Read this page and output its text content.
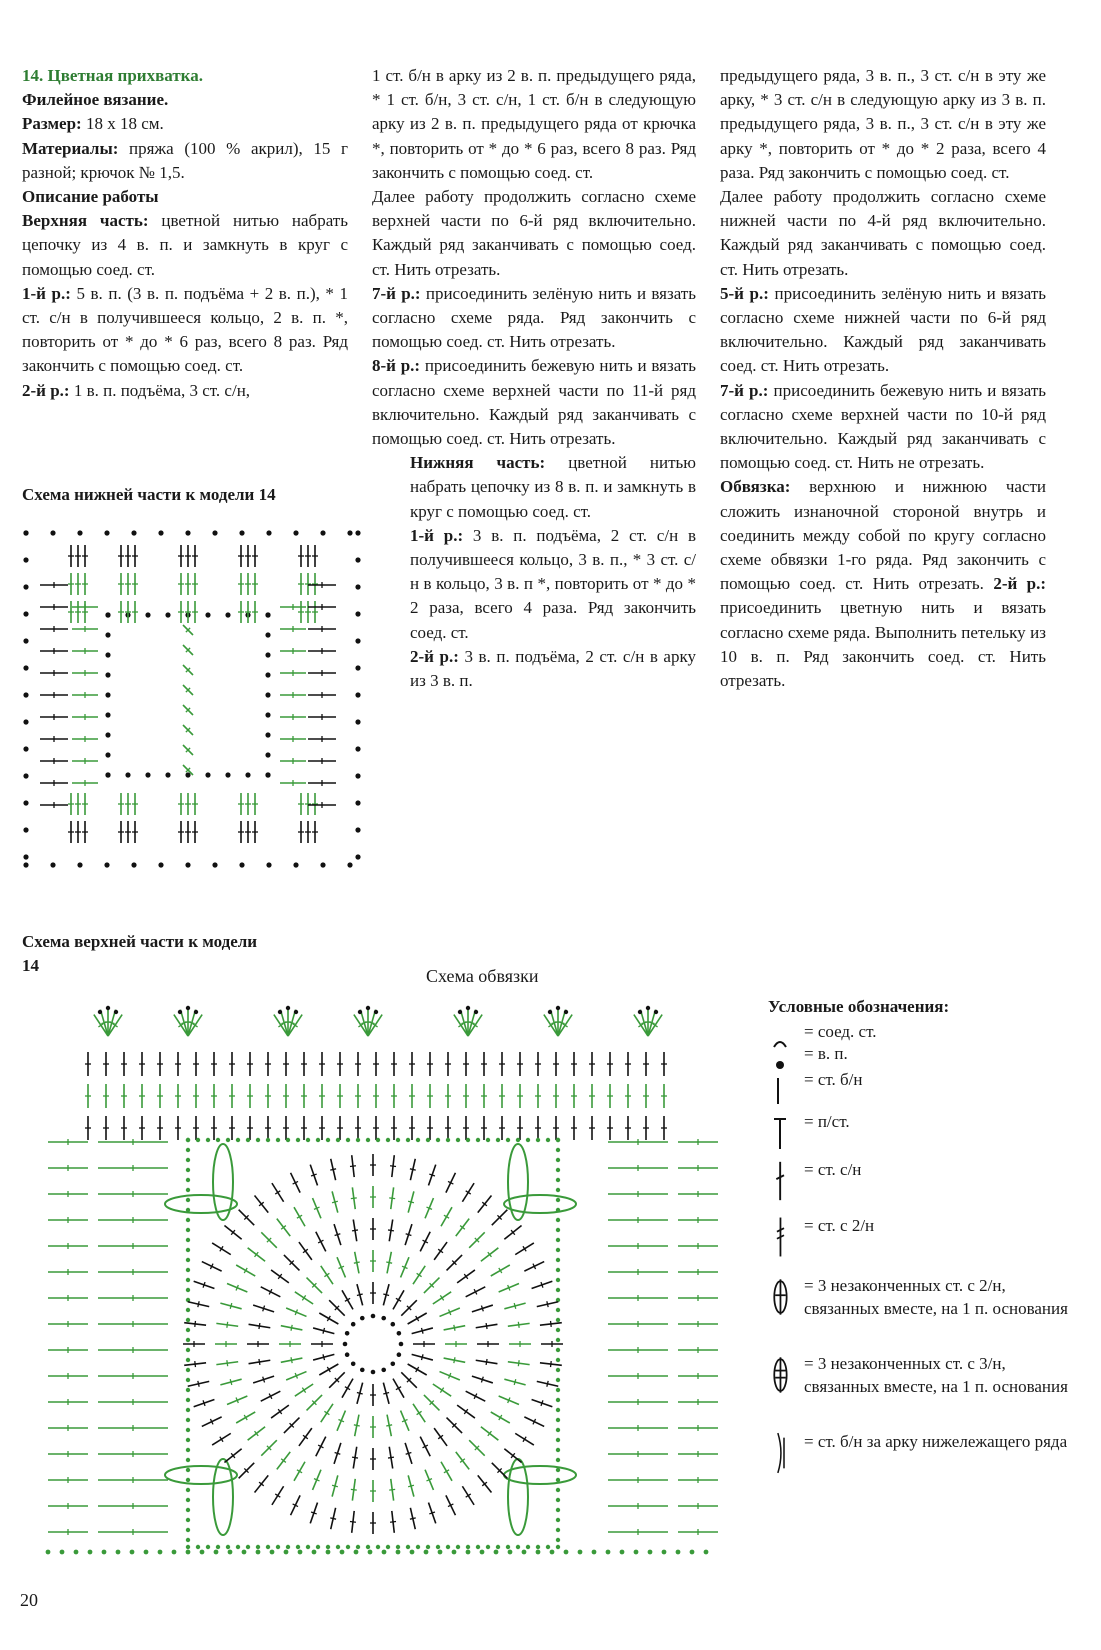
14. Цветная прихватка.

Филейное вязание.

Размер: 18 х 18 см.

Материалы: пряжа (100 % акрил), 15 г разной; крючок № 1,5.

Описание работы

Верхняя часть: цветной нитью набрать цепочку из 4 в. п. и замкнуть в круг с помощью соед. ст.

1-й р.: 5 в. п. (3 в. п. подъёма + 2 в. п.), * 1 ст. с/н в получившееся кольцо, 2 в. п. *, повторить от * до * 6 раз, всего 8 раз. Ряд закончить с помощью соед. ст.

2-й р.: 1 в. п. подъёма, 3 ст. с/н,

1 ст. б/н в арку из 2 в. п. предыдущего ряда, * 1 ст. б/н, 3 ст. с/н, 1 ст. б/н в следующую арку из 2 в. п. предыдущего ряда от крючка *, повторить от * до * 6 раз, всего 8 раз. Ряд закончить с помощью соед. ст.

Далее работу продолжить согласно схеме верхней части по 6-й ряд включительно. Каждый ряд заканчивать с помощью соед. ст. Нить отрезать.

7-й р.: присоединить зелёную нить и вязать согласно схеме ряда. Ряд закончить с помощью соед. ст. Нить отрезать.

8-й р.: присоединить бежевую нить и вязать согласно схеме верхней части по 11-й ряд включительно. Каждый ряд заканчивать с помощью соед. ст. Нить отрезать.

Нижняя часть: цветной нитью набрать цепочку из 8 в. п. и замкнуть в круг с помощью соед. ст.

1-й р.: 3 в. п. подъёма, 2 ст. с/н в получившееся кольцо, 3 в. п., * 3 ст. с/н в кольцо, 3 в. п *, повторить от * до * 2 раза, всего 4 раза. Ряд закончить соед. ст.

2-й р.: 3 в. п. подъёма, 2 ст. с/н в арку из 3 в. п.

предыдущего ряда, 3 в. п., 3 ст. с/н в эту же арку, * 3 ст. с/н в следующую арку из 3 в. п. предыдущего ряда, 3 в. п., 3 ст. с/н в эту же арку *, повторить от * до * 2 раза, всего 4 раза. Ряд закончить с помощью соед. ст.

Далее работу продолжить согласно схеме нижней части по 4-й ряд включительно. Каждый ряд заканчивать с помощью соед. ст. Нить отрезать.

5-й р.: присоединить зелёную нить и вязать согласно схеме нижней части по 6-й ряд включительно. Каждый ряд заканчивать соед. ст. Нить отрезать.

7-й р.: присоединить бежевую нить и вязать согласно схеме верхней части по 10-й ряд включительно. Каждый ряд заканчивать с помощью соед. ст. Нить не отрезать.

Обвязка: верхнюю и нижнюю части сложить изнаночной стороной внутрь и соединить между собой по кругу согласно схеме обвязки 1-го ряда. Ряд закончить с помощью соед. ст. Нить отрезать. 2-й р.: присоединить цветную нить и вязать согласно схеме ряда. Выполнить петельку из 10 в. п. Ряд закончить соед. ст. Нить отрезать.

Схема нижней части к модели 14
Схема верхней части к модели 14
Схема обвязки
Условные обозначения:
= соед. ст.
= в. п.
= ст. б/н
= п/ст.
= ст. с/н
= ст. с 2/н
= 3 незаконченных ст. с 2/н, связанных вместе, на 1 п. основания
= 3 незаконченных ст. с 3/н, связанных вместе, на 1 п. основания
= ст. б/н за арку нижележащего ряда
20
